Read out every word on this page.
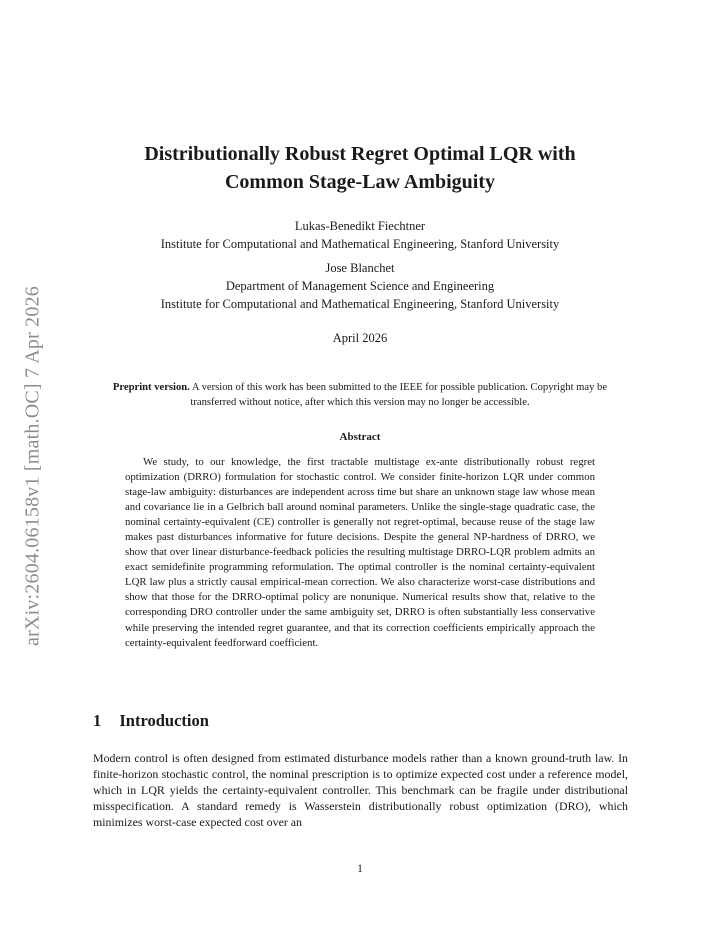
arXiv:2604.06158v1 [math.OC] 7 Apr 2026
Distributionally Robust Regret Optimal LQR with
Common Stage-Law Ambiguity
Lukas-Benedikt Fiechtner
Institute for Computational and Mathematical Engineering, Stanford University
Jose Blanchet
Department of Management Science and Engineering
Institute for Computational and Mathematical Engineering, Stanford University
April 2026
Preprint version. A version of this work has been submitted to the IEEE for possible publication. Copyright may be transferred without notice, after which this version may no longer be accessible.
Abstract
We study, to our knowledge, the first tractable multistage ex-ante distributionally robust regret optimization (DRRO) formulation for stochastic control. We consider finite-horizon LQR under common stage-law ambiguity: disturbances are independent across time but share an unknown stage law whose mean and covariance lie in a Gelbrich ball around nominal parameters. Unlike the single-stage quadratic case, the nominal certainty-equivalent (CE) controller is generally not regret-optimal, because reuse of the stage law makes past disturbances informative for future decisions. Despite the general NP-hardness of DRRO, we show that over linear disturbance-feedback policies the resulting multistage DRRO-LQR problem admits an exact semidefinite programming reformulation. The optimal controller is the nominal certainty-equivalent LQR law plus a strictly causal empirical-mean correction. We also characterize worst-case distributions and show that those for the DRRO-optimal policy are nonunique. Numerical results show that, relative to the corresponding DRO controller under the same ambiguity set, DRRO is often substantially less conservative while preserving the intended regret guarantee, and that its correction coefficients empirically approach the certainty-equivalent feedforward coefficient.
1 Introduction
Modern control is often designed from estimated disturbance models rather than a known ground-truth law. In finite-horizon stochastic control, the nominal prescription is to optimize expected cost under a reference model, which in LQR yields the certainty-equivalent controller. This benchmark can be fragile under distributional misspecification. A standard remedy is Wasserstein distributionally robust optimization (DRO), which minimizes worst-case expected cost over an
1
